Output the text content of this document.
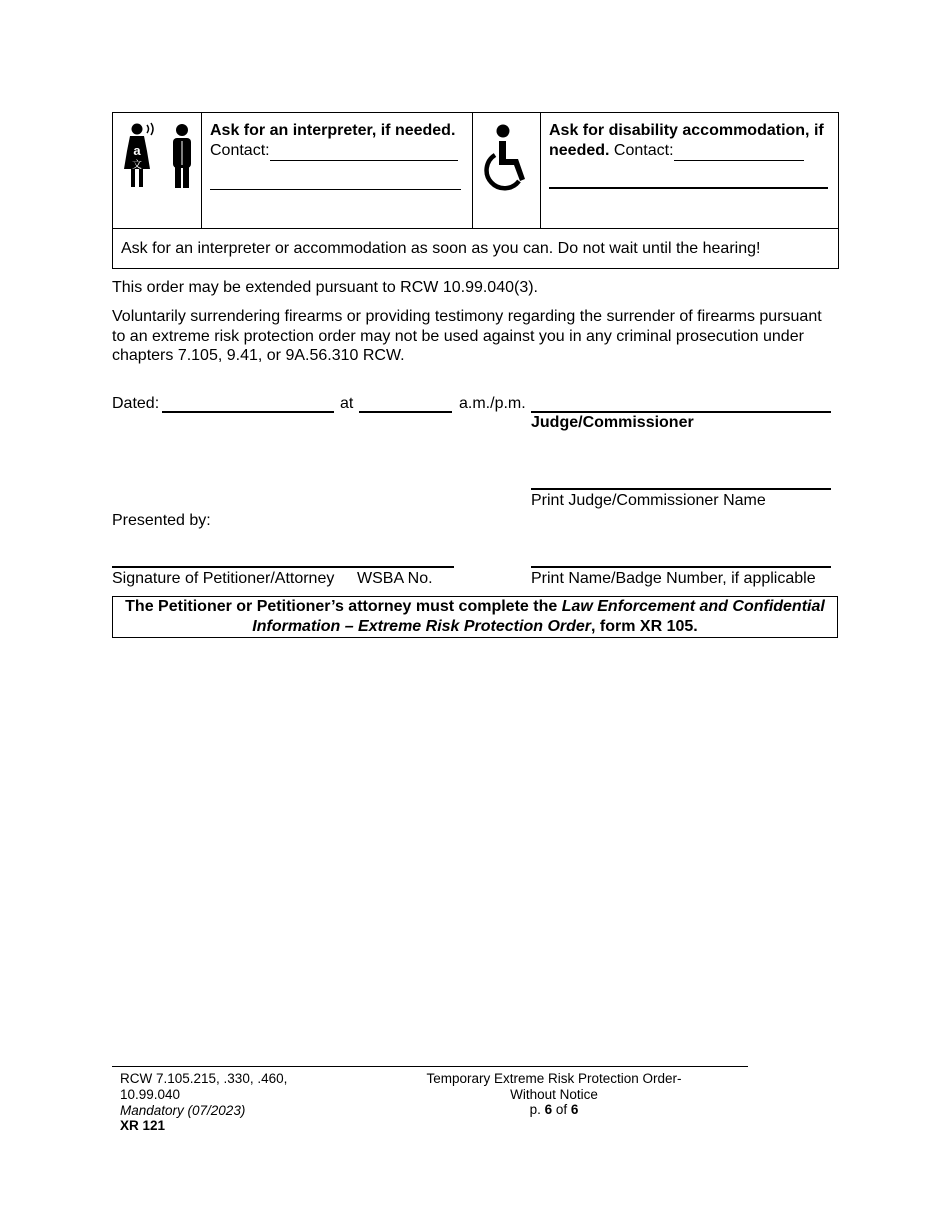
a
文

Ask for an interpreter, if needed.
Contact:

Ask for disability accommodation, if needed. Contact:

Ask for an interpreter or accommodation as soon as you can. Do not wait until the hearing!
This order may be extended pursuant to RCW 10.99.040(3).
Voluntarily surrendering firearms or providing testimony regarding the surrender of firearms pursuant to an extreme risk protection order may not be used against you in any criminal prosecution under chapters 7.105, 9.41, or 9A.56.310 RCW.
Dated:	at	a.m./p.m.
Judge/Commissioner
Print Judge/Commissioner Name
Presented by:
Signature of Petitioner/Attorney WSBA No.	Print Name/Badge Number, if applicable
The Petitioner or Petitioner’s attorney must complete the Law Enforcement and Confidential Information – Extreme Risk Protection Order, form XR 105.
RCW 7.105.215, .330, .460,
10.99.040
Mandatory (07/2023)
XR 121
Temporary Extreme Risk Protection Order-
Without Notice
p. 6 of 6
